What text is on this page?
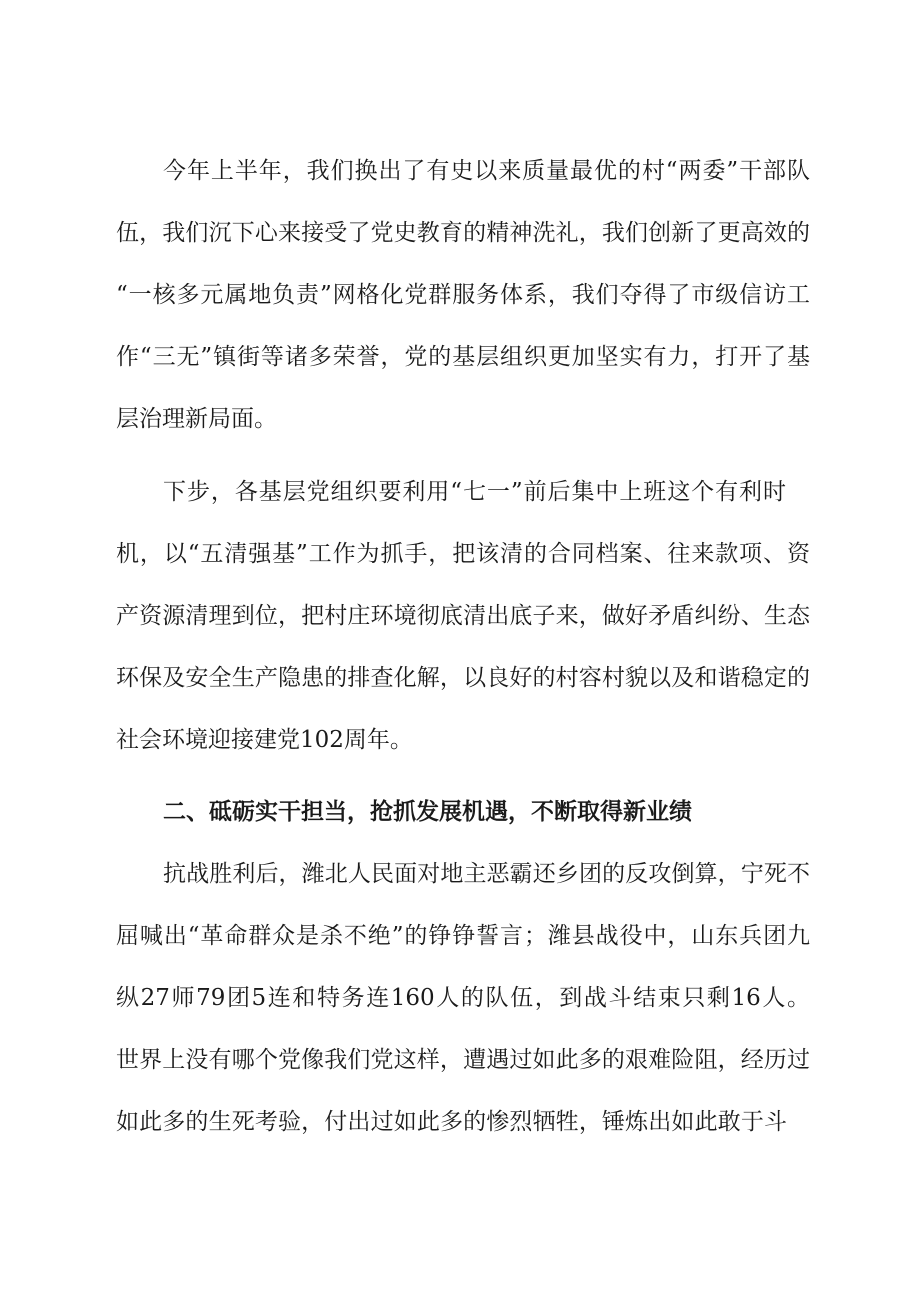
今年上半年，我们换出了有史以来质量最优的村“两委”干部队

伍，我们沉下心来接受了党史教育的精神洗礼，我们创新了更高效的

“一核多元属地负责”网格化党群服务体系，我们夺得了市级信访工

作“三无”镇街等诸多荣誉，党的基层组织更加坚实有力，打开了基

层治理新局面。

下步，各基层党组织要利用“七一”前后集中上班这个有利时

机，以“五清强基”工作为抓手，把该清的合同档案、往来款项、资

产资源清理到位，把村庄环境彻底清出底子来，做好矛盾纠纷、生态

环保及安全生产隐患的排查化解，以良好的村容村貌以及和谐稳定的

社会环境迎接建党102周年。

二、砥砺实干担当，抢抓发展机遇，不断取得新业绩

抗战胜利后，潍北人民面对地主恶霸还乡团的反攻倒算，宁死不

屈喊出“革命群众是杀不绝”的铮铮誓言；潍县战役中，山东兵团九

纵27师79团5连和特务连160人的队伍，到战斗结束只剩16人。

世界上没有哪个党像我们党这样，遭遇过如此多的艰难险阻，经历过

如此多的生死考验，付出过如此多的惨烈牺牲，锤炼出如此敢于斗
